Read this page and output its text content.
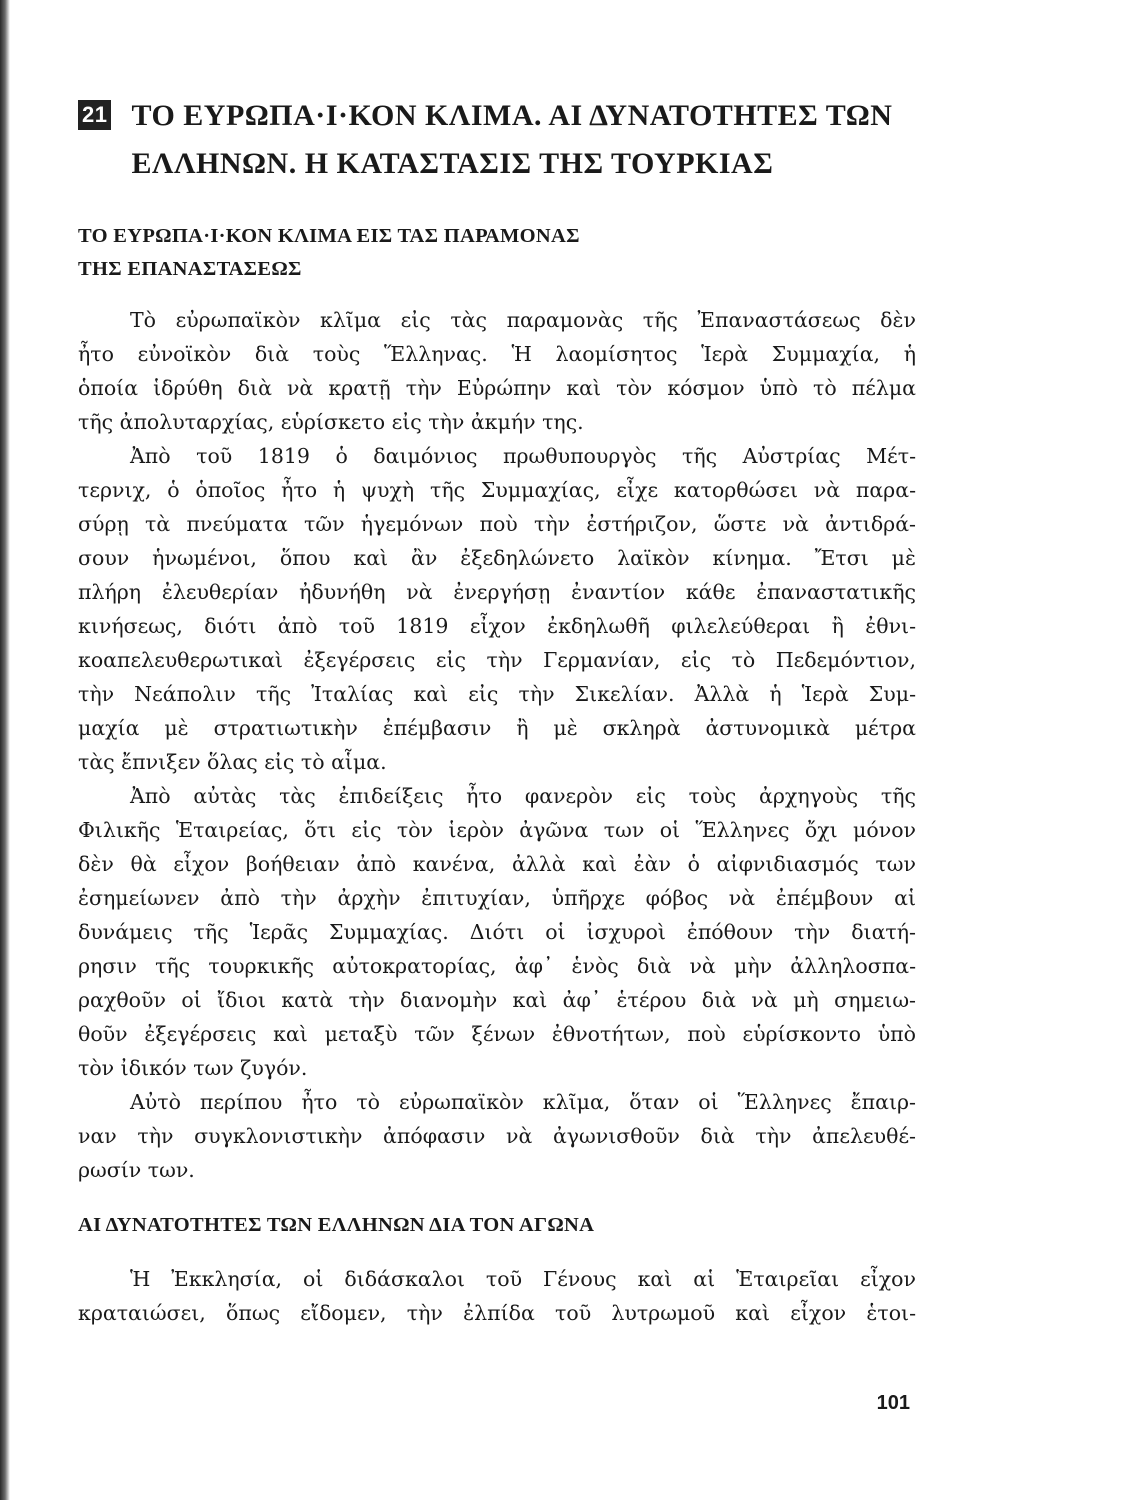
21 ΤΟ ΕΥΡΩΠΑ·Ι·ΚΟΝ ΚΛΙΜΑ. ΑΙ ΔΥΝΑΤΟΤΗΤΕΣ ΤΩΝ
ΕΛΛΗΝΩΝ. Η ΚΑΤΑΣΤΑΣΙΣ ΤΗΣ ΤΟΥΡΚΙΑΣ
ΤΟ ΕΥΡΩΠΑ·Ι·ΚΟΝ ΚΛΙΜΑ ΕΙΣ ΤΑΣ ΠΑΡΑΜΟΝΑΣ
ΤΗΣ ΕΠΑΝΑΣΤΑΣΕΩΣ

Τὸ εὐρωπαϊκὸν κλῖμα εἰς τὰς παραμονὰς τῆς Ἐπαναστάσεως δὲν

ἦτο εὐνοϊκὸν διὰ τοὺς Ἕλληνας. Ἡ λαομίσητος Ἱερὰ Συμμαχία, ἡ

ὁποία ἱδρύθη διὰ νὰ κρατῇ τὴν Εὐρώπην καὶ τὸν κόσμον ὑπὸ τὸ πέλμα

τῆς ἀπολυταρχίας, εὑρίσκετο εἰς τὴν ἀκμήν της.

Ἀπὸ τοῦ 1819 ὁ δαιμόνιος πρωθυπουργὸς τῆς Αὐστρίας Μέτ-

τερνιχ, ὁ ὁποῖος ἦτο ἡ ψυχὴ τῆς Συμμαχίας, εἶχε κατορθώσει νὰ παρα-

σύρῃ τὰ πνεύματα τῶν ἡγεμόνων ποὺ τὴν ἐστήριζον, ὥστε νὰ ἀντιδρά-

σουν ἡνωμένοι, ὅπου καὶ ἂν ἐξεδηλώνετο λαϊκὸν κίνημα. Ἔτσι μὲ

πλήρη ἐλευθερίαν ἠδυνήθη νὰ ἐνεργήσῃ ἐναντίον κάθε ἐπαναστατικῆς

κινήσεως, διότι ἀπὸ τοῦ 1819 εἶχον ἐκδηλωθῆ φιλελεύθεραι ἢ ἐθνι-

κοαπελευθερωτικαὶ ἐξεγέρσεις εἰς τὴν Γερμανίαν, εἰς τὸ Πεδεμόντιον,

τὴν Νεάπολιν τῆς Ἰταλίας καὶ εἰς τὴν Σικελίαν. Ἀλλὰ ἡ Ἱερὰ Συμ-

μαχία μὲ στρατιωτικὴν ἐπέμβασιν ἢ μὲ σκληρὰ ἀστυνομικὰ μέτρα

τὰς ἔπνιξεν ὅλας εἰς τὸ αἷμα.

Ἀπὸ αὐτὰς τὰς ἐπιδείξεις ἦτο φανερὸν εἰς τοὺς ἀρχηγοὺς τῆς

Φιλικῆς Ἑταιρείας, ὅτι εἰς τὸν ἱερὸν ἀγῶνα των οἱ Ἕλληνες ὄχι μόνον

δὲν θὰ εἶχον βοήθειαν ἀπὸ κανένα, ἀλλὰ καὶ ἐὰν ὁ αἰφνιδιασμός των

ἐσημείωνεν ἀπὸ τὴν ἀρχὴν ἐπιτυχίαν, ὑπῆρχε φόβος νὰ ἐπέμβουν αἱ

δυνάμεις τῆς Ἱερᾶς Συμμαχίας. Διότι οἱ ἰσχυροὶ ἐπόθουν τὴν διατή-

ρησιν τῆς τουρκικῆς αὐτοκρατορίας, ἀφ᾽ ἑνὸς διὰ νὰ μὴν ἀλληλοσπα-

ραχθοῦν οἱ ἴδιοι κατὰ τὴν διανομὴν καὶ ἀφ᾽ ἑτέρου διὰ νὰ μὴ σημειω-

θοῦν ἐξεγέρσεις καὶ μεταξὺ τῶν ξένων ἐθνοτήτων, ποὺ εὑρίσκοντο ὑπὸ

τὸν ἰδικόν των ζυγόν.

Αὐτὸ περίπου ἦτο τὸ εὐρωπαϊκὸν κλῖμα, ὅταν οἱ Ἕλληνες ἔπαιρ-

ναν τὴν συγκλονιστικὴν ἀπόφασιν νὰ ἀγωνισθοῦν διὰ τὴν ἀπελευθέ-

ρωσίν των.

ΑΙ ΔΥΝΑΤΟΤΗΤΕΣ ΤΩΝ ΕΛΛΗΝΩΝ ΔΙΑ ΤΟΝ ΑΓΩΝΑ

Ἡ Ἐκκλησία, οἱ διδάσκαλοι τοῦ Γένους καὶ αἱ Ἑταιρεῖαι εἶχον

κραταιώσει, ὅπως εἴδομεν, τὴν ἐλπίδα τοῦ λυτρωμοῦ καὶ εἶχον ἑτοι-

101
